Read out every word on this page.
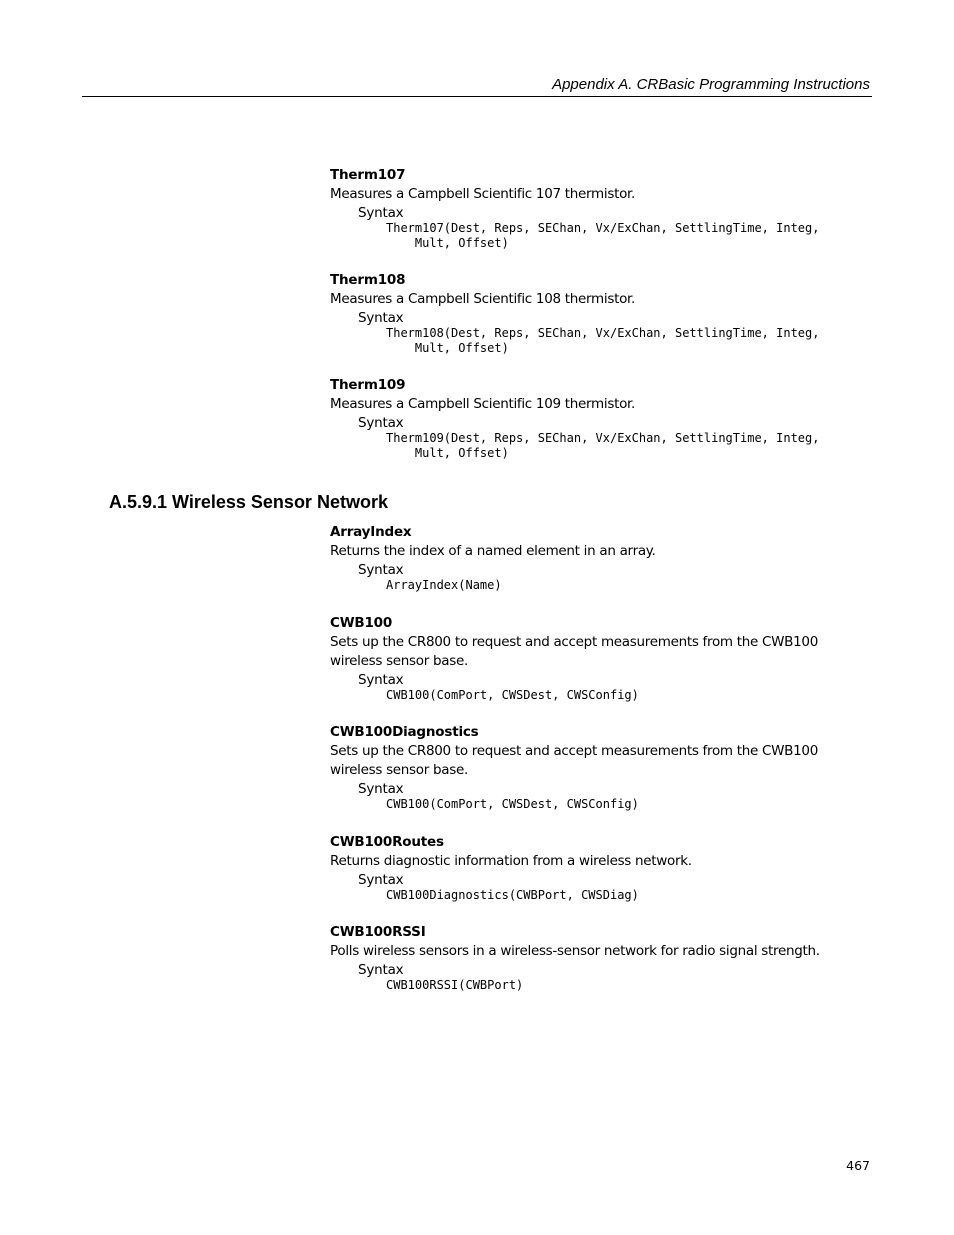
Appendix A. CRBasic Programming Instructions
Therm107
Measures a Campbell Scientific 107 thermistor.
Syntax
Therm107(Dest, Reps, SEChan, Vx/ExChan, SettlingTime, Integ,
Mult, Offset)
Therm108
Measures a Campbell Scientific 108 thermistor.
Syntax
Therm108(Dest, Reps, SEChan, Vx/ExChan, SettlingTime, Integ,
Mult, Offset)
Therm109
Measures a Campbell Scientific 109 thermistor.
Syntax
Therm109(Dest, Reps, SEChan, Vx/ExChan, SettlingTime, Integ,
Mult, Offset)
A.5.9.1 Wireless Sensor Network
ArrayIndex
Returns the index of a named element in an array.
Syntax
ArrayIndex(Name)
CWB100
Sets up the CR800 to request and accept measurements from the CWB100 wireless sensor base.
Syntax
CWB100(ComPort, CWSDest, CWSConfig)
CWB100Diagnostics
Sets up the CR800 to request and accept measurements from the CWB100 wireless sensor base.
Syntax
CWB100(ComPort, CWSDest, CWSConfig)
CWB100Routes
Returns diagnostic information from a wireless network.
Syntax
CWB100Diagnostics(CWBPort, CWSDiag)
CWB100RSSI
Polls wireless sensors in a wireless-sensor network for radio signal strength.
Syntax
CWB100RSSI(CWBPort)
467
